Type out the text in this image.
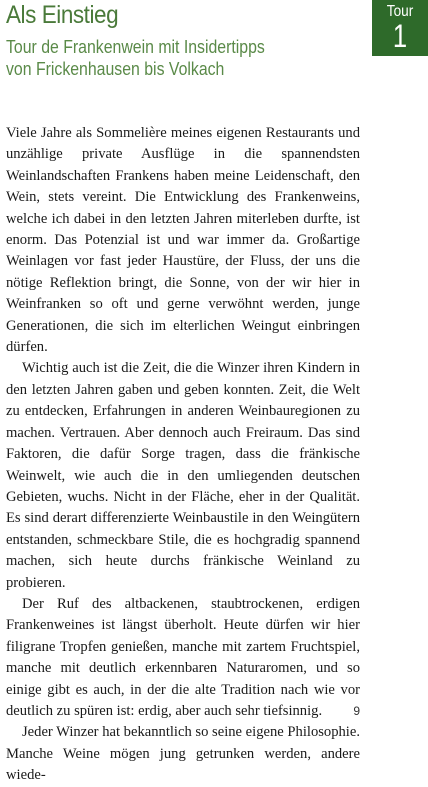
Als Einstieg
Tour de Frankenwein mit Insidertipps
von Frickenhausen bis Volkach
Tour
1

Viele Jahre als Sommelière meines eigenen Restaurants und unzählige private Ausflüge in die spannendsten Weinlandschaften Frankens haben meine Leidenschaft, den Wein, stets vereint. Die Entwicklung des Frankenweins, welche ich dabei in den letzten Jahren miterleben durfte, ist enorm. Das Potenzial ist und war immer da. Großartige Weinlagen vor fast jeder Haustüre, der Fluss, der uns die nötige Reflektion bringt, die Sonne, von der wir hier in Weinfranken so oft und gerne verwöhnt werden, junge Generationen, die sich im elterlichen Weingut einbringen dürfen.

Wichtig auch ist die Zeit, die die Winzer ihren Kindern in den letzten Jahren gaben und geben konnten. Zeit, die Welt zu entdecken, Erfahrungen in anderen Weinbauregionen zu machen. Vertrauen. Aber dennoch auch Freiraum. Das sind Faktoren, die dafür Sorge tragen, dass die fränkische Weinwelt, wie auch die in den umliegenden deutschen Gebieten, wuchs. Nicht in der Fläche, eher in der Qualität. Es sind derart differenzierte Weinbaustile in den Weingütern entstanden, schmeckbare Stile, die es hochgradig spannend machen, sich heute durchs fränkische Weinland zu probieren.

Der Ruf des altbackenen, staubtrockenen, erdigen Frankenweines ist längst überholt. Heute dürfen wir hier filigrane Tropfen genießen, manche mit zartem Fruchtspiel, manche mit deutlich erkennbaren Naturaromen, und so einige gibt es auch, in der die alte Tradition nach wie vor deutlich zu spüren ist: erdig, aber auch sehr tiefsinnig.

Jeder Winzer hat bekanntlich so seine eigene Philosophie. Manche Weine mögen jung getrunken werden, andere wiede-

9
